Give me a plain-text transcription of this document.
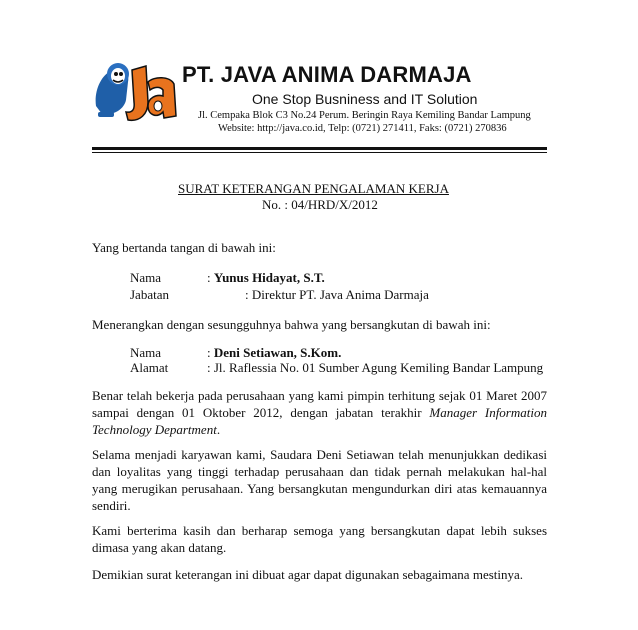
PT. JAVA ANIMA DARMAJA
One Stop Busniness and IT Solution
Jl. Cempaka Blok C3 No.24 Perum. Beringin Raya Kemiling Bandar Lampung
Website: http://java.co.id, Telp: (0721) 271411, Faks: (0721) 270836
SURAT KETERANGAN PENGALAMAN KERJA
No. : 04/HRD/X/2012
Yang bertanda tangan di bawah ini:
Nama	: Yunus Hidayat, S.T.
Jabatan	: Direktur PT. Java Anima Darmaja
Menerangkan dengan sesungguhnya bahwa yang bersangkutan di bawah ini:
Nama	: Deni Setiawan, S.Kom.
Alamat	: Jl. Raflessia No. 01 Sumber Agung Kemiling Bandar Lampung
Benar telah bekerja pada perusahaan yang kami pimpin terhitung sejak 01 Maret 2007 sampai dengan 01 Oktober 2012, dengan jabatan terakhir Manager Information Technology Department.
Selama menjadi karyawan kami, Saudara Deni Setiawan telah menunjukkan dedikasi dan loyalitas yang tinggi terhadap perusahaan dan tidak pernah melakukan hal-hal yang merugikan perusahaan. Yang bersangkutan mengundurkan diri atas kemauannya sendiri.
Kami berterima kasih dan berharap semoga yang bersangkutan dapat lebih sukses dimasa yang akan datang.
Demikian surat keterangan ini dibuat agar dapat digunakan sebagaimana mestinya.
